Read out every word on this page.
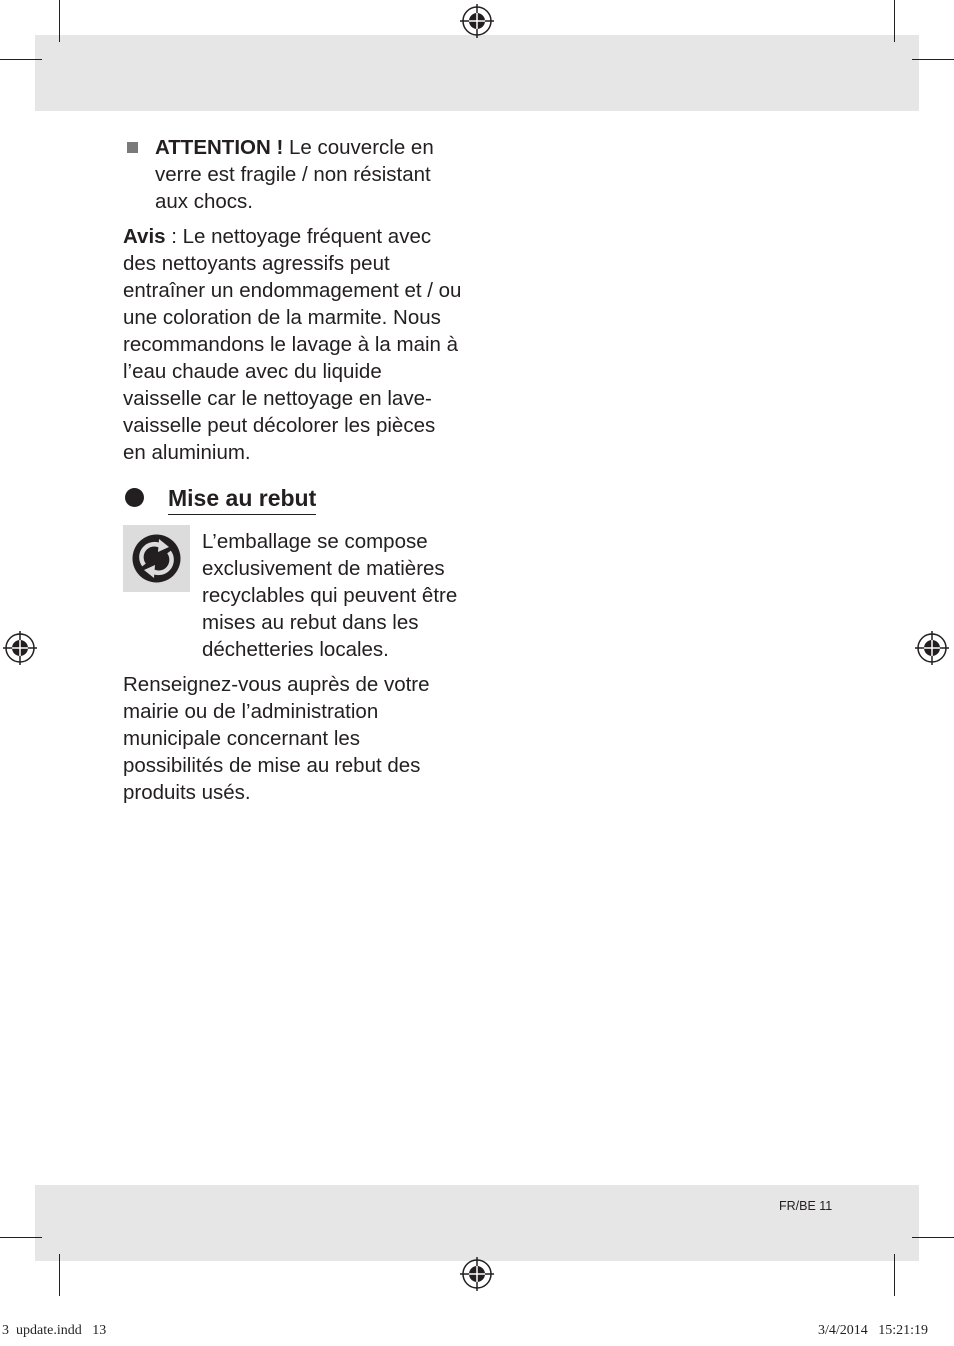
ATTENTION ! Le couvercle en verre est fragile / non résistant aux chocs.
Avis : Le nettoyage fréquent avec des nettoyants agressifs peut entraîner un endommagement et / ou une coloration de la marmite. Nous recommandons le lavage à la main à l’eau chaude avec du liquide vaisselle car le nettoyage en lave-vaisselle peut décolorer les pièces en aluminium.
Mise au rebut
L’emballage se compose exclusivement de matières recyclables qui peuvent être mises au rebut dans les déchetteries locales.
Renseignez-vous auprès de votre mairie ou de l’administration municipale concernant les possibilités de mise au rebut des produits usés.
FR/BE 11
3  update.indd   13	3/4/2014   15:21:19
